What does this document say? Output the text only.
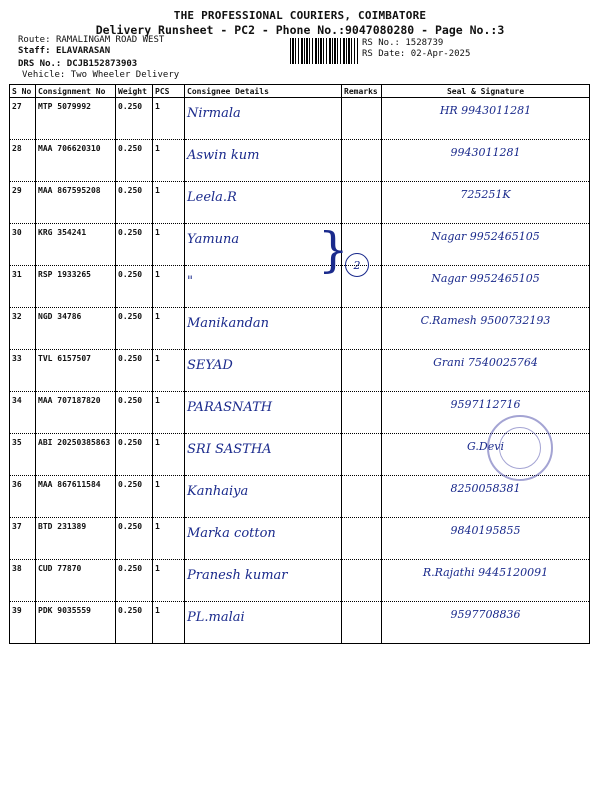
THE PROFESSIONAL COURIERS, COIMBATORE
Delivery Runsheet - PC2 - Phone No.:9047080280 - Page No.:3
Route: RAMALINGAM ROAD WEST
Staff: ELAVARASAN
DRS No.: DCJB152873903
Vehicle: Two Wheeler Delivery
RS No.: 1528739
RS Date: 02-Apr-2025
S No	Consignment No	Weight	PCS	Consignee Details	Remarks	Seal & Signature
27	MTP 5079992	0.250	1	Nirmala		HR 9943011281
28	MAA 706620310	0.250	1	Aswin kum		9943011281
29	MAA 867595208	0.250	1	Leela.R		725251K
30	KRG 354241	0.250	1	Yamuna		Nagar 9952465105
31	RSP 1933265	0.250	1	"		Nagar 9952465105
32	NGD 34786	0.250	1	Manikandan		C.Ramesh 9500732193
33	TVL 6157507	0.250	1	SEYAD		Grani 7540025764
34	MAA 707187820	0.250	1	PARASNATH		9597112716
35	ABI 20250385863	0.250	1	SRI SASTHA		G.Devi
36	MAA 867611584	0.250	1	Kanhaiya		8250058381
37	BTD 231389	0.250	1	Marka cotton		9840195855
38	CUD 77870	0.250	1	Pranesh kumar		R.Rajathi 9445120091
39	PDK 9035559	0.250	1	PL.malai		9597708836
} 2
